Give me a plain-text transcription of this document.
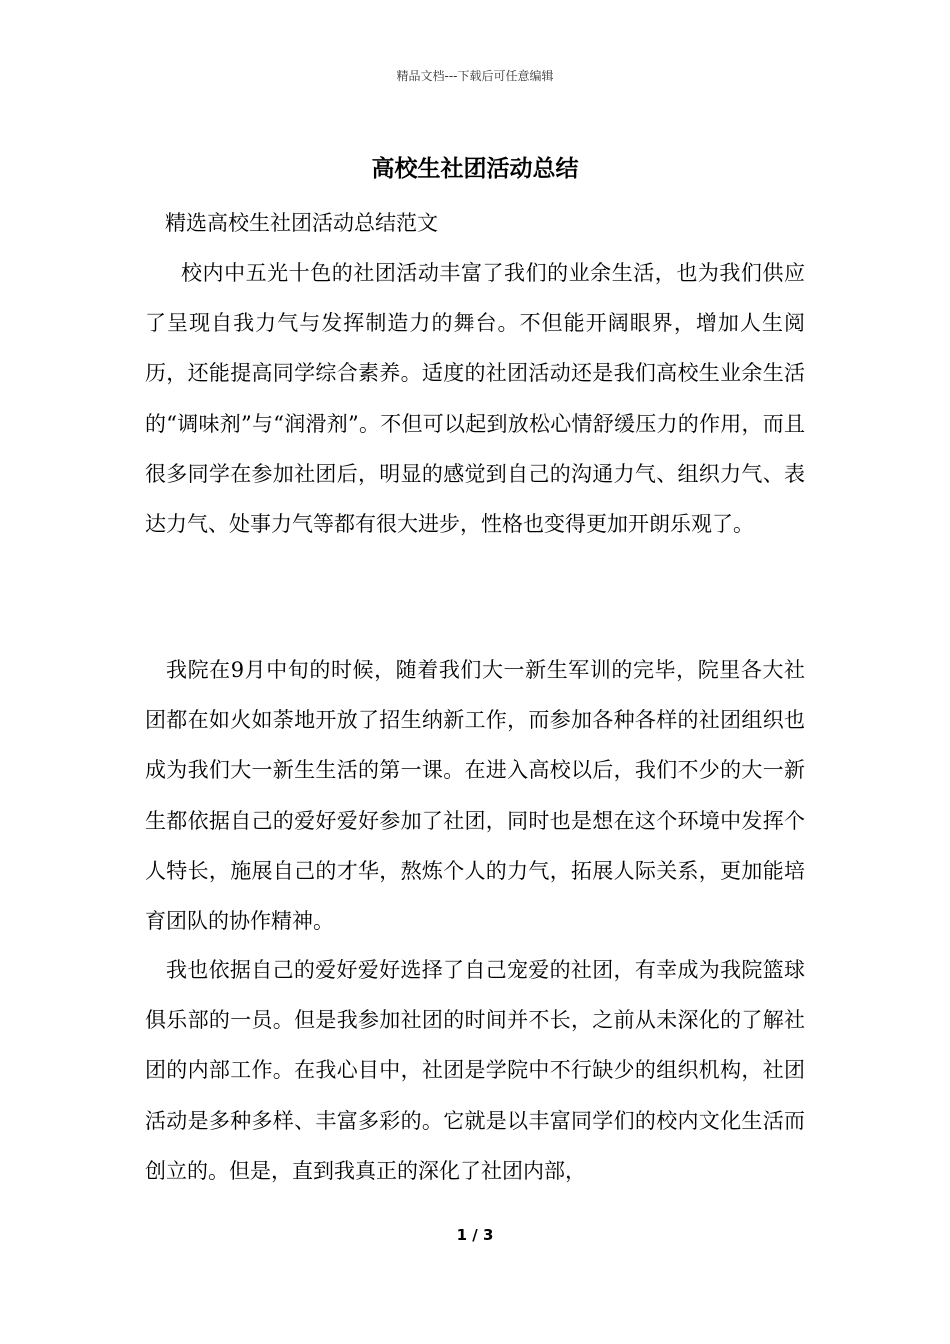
精品文档---下载后可任意编辑
高校生社团活动总结
精选高校生社团活动总结范文

校内中五光十色的社团活动丰富了我们的业余生活，也为我们供应了呈现自我力气与发挥制造力的舞台。不但能开阔眼界，增加人生阅历，还能提高同学综合素养。适度的社团活动还是我们高校生业余生活的“调味剂”与“润滑剂”。不但可以起到放松心情舒缓压力的作用，而且很多同学在参加社团后，明显的感觉到自己的沟通力气、组织力气、表达力气、处事力气等都有很大进步，性格也变得更加开朗乐观了。

我院在9月中旬的时候，随着我们大一新生军训的完毕，院里各大社团都在如火如荼地开放了招生纳新工作，而参加各种各样的社团组织也成为我们大一新生生活的第一课。在进入高校以后，我们不少的大一新生都依据自己的爱好爱好参加了社团，同时也是想在这个环境中发挥个人特长，施展自己的才华，熬炼个人的力气，拓展人际关系，更加能培育团队的协作精神。

我也依据自己的爱好爱好选择了自己宠爱的社团，有幸成为我院篮球俱乐部的一员。但是我参加社团的时间并不长，之前从未深化的了解社团的内部工作。在我心目中，社团是学院中不行缺少的组织机构，社团活动是多种多样、丰富多彩的。它就是以丰富同学们的校内文化生活而创立的。但是，直到我真正的深化了社团内部，

1 / 3
